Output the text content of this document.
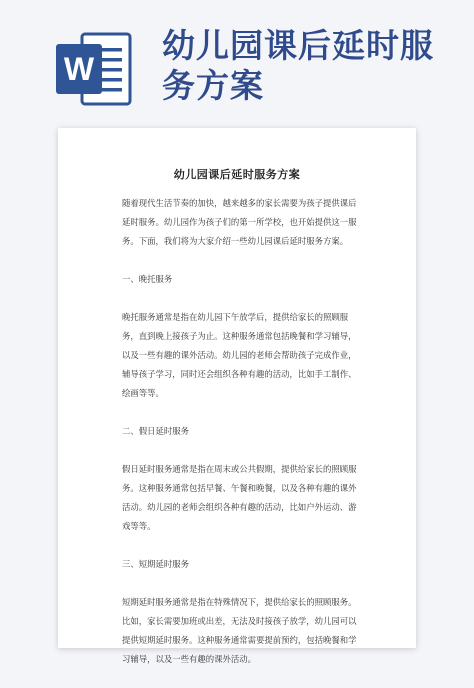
W
幼儿园课后延时服务方案
幼儿园课后延时服务方案

随着现代生活节奏的加快，越来越多的家长需要为孩子提供课后延时服务。幼儿园作为孩子们的第一所学校，也开始提供这一服务。下面，我们将为大家介绍一些幼儿园课后延时服务方案。

一、晚托服务

晚托服务通常是指在幼儿园下午放学后，提供给家长的照顾服务，直到晚上接孩子为止。这种服务通常包括晚餐和学习辅导，以及一些有趣的课外活动。幼儿园的老师会帮助孩子完成作业，辅导孩子学习，同时还会组织各种有趣的活动，比如手工制作、绘画等等。

二、假日延时服务

假日延时服务通常是指在周末或公共假期，提供给家长的照顾服务。这种服务通常包括早餐、午餐和晚餐，以及各种有趣的课外活动。幼儿园的老师会组织各种有趣的活动，比如户外运动、游戏等等。

三、短期延时服务

短期延时服务通常是指在特殊情况下，提供给家长的照顾服务。比如，家长需要加班或出差，无法及时接孩子放学，幼儿园可以提供短期延时服务。这种服务通常需要提前预约，包括晚餐和学习辅导，以及一些有趣的课外活动。
